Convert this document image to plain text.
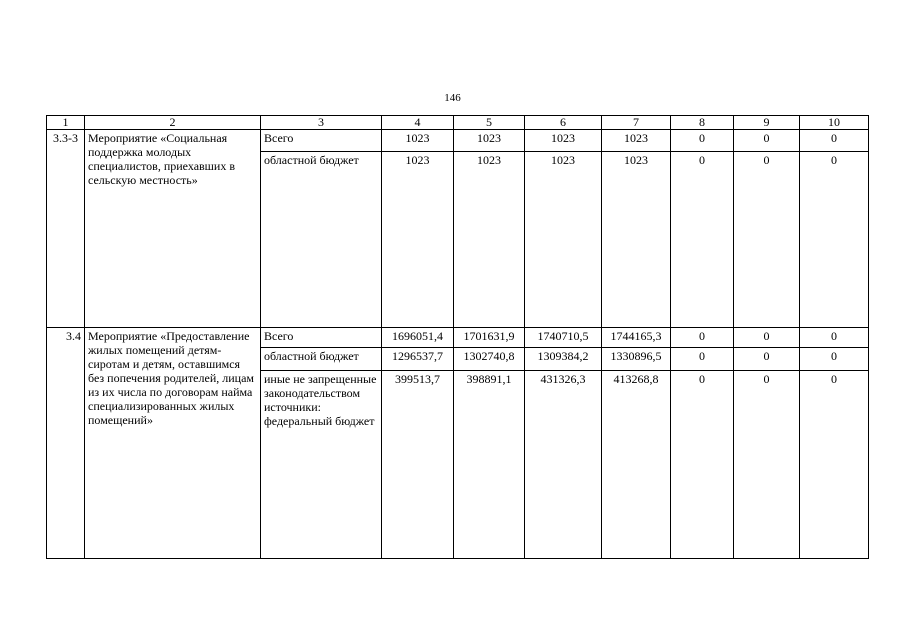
146
1	2	3	4	5	6	7	8	9	10
3.3-3	Мероприятие «Социальная поддержка молодых специалистов, приехавших в сельскую местность»	Всего	1023	1023	1023	1023	0	0	0
		областной бюджет	1023	1023	1023	1023	0	0	0
3.4	Мероприятие «Предоставление жилых помещений детям-сиротам и детям, оставшимся без попечения родителей, лицам из их числа по договорам найма специализированных жилых помещений»	Всего	1696051,4	1701631,9	1740710,5	1744165,3	0	0	0
		областной бюджет	1296537,7	1302740,8	1309384,2	1330896,5	0	0	0
		иные не запрещенные законодательством источники: федеральный бюджет	399513,7	398891,1	431326,3	413268,8	0	0	0
